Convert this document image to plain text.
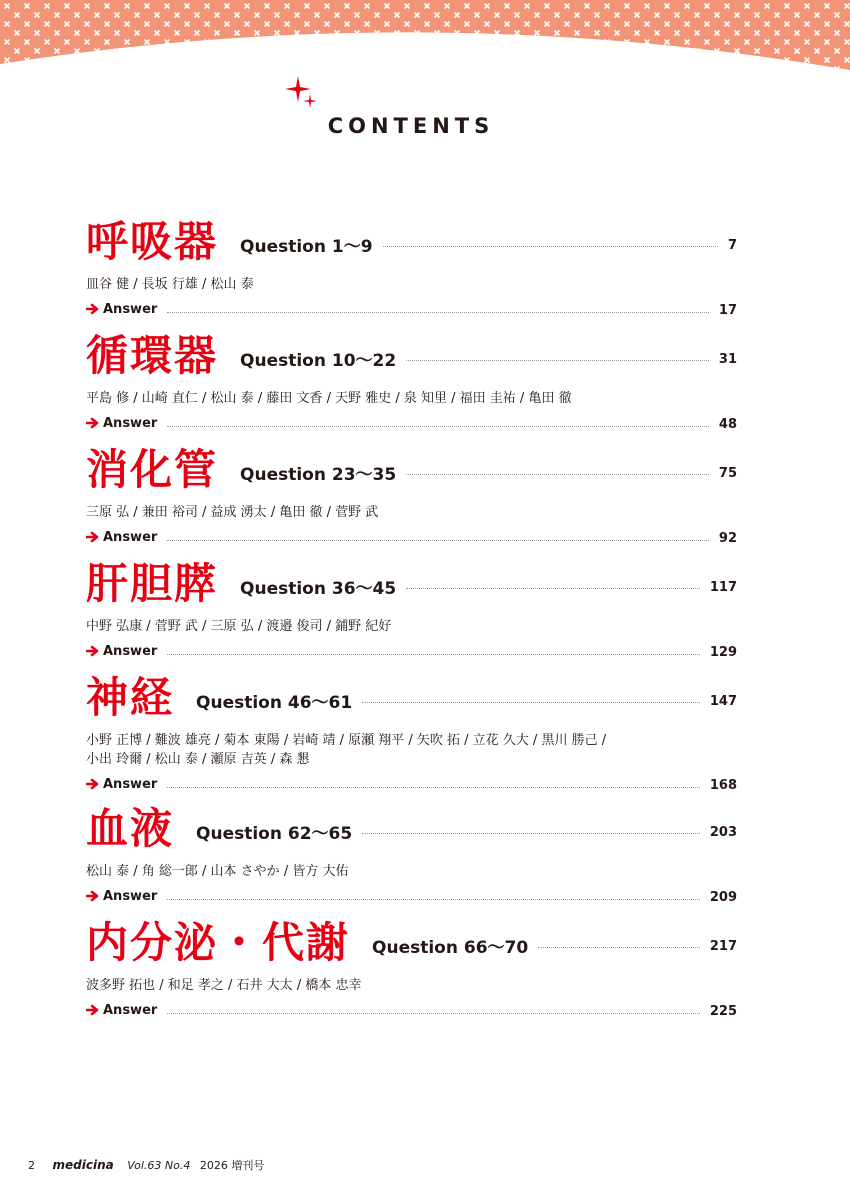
CONTENTS
呼吸器 Question 1～9	7
皿谷 健 / 長坂 行雄 / 松山 泰
Answer	17
循環器 Question 10～22	31
平島 修 / 山崎 直仁 / 松山 泰 / 藤田 文香 / 天野 雅史 / 泉 知里 / 福田 圭祐 / 亀田 徹
Answer	48
消化管 Question 23～35	75
三原 弘 / 兼田 裕司 / 益成 湧太 / 亀田 徹 / 菅野 武
Answer	92
肝胆膵 Question 36～45	117
中野 弘康 / 菅野 武 / 三原 弘 / 渡邉 俊司 / 鋪野 紀好
Answer	129
神経 Question 46～61	147
小野 正博 / 難波 雄亮 / 菊本 東陽 / 岩崎 靖 / 原瀬 翔平 / 矢吹 拓 / 立花 久大 / 黒川 勝己 /
小出 玲爾 / 松山 泰 / 瀬原 吉英 / 森 懇
Answer	168
血液 Question 62～65	203
松山 泰 / 角 総一郎 / 山本 さやか / 皆方 大佑
Answer	209
内分泌・代謝 Question 66～70	217
波多野 拓也 / 和足 孝之 / 石井 大太 / 橋本 忠幸
Answer	225
2 medicina Vol.63 No.4 2026 増刊号
